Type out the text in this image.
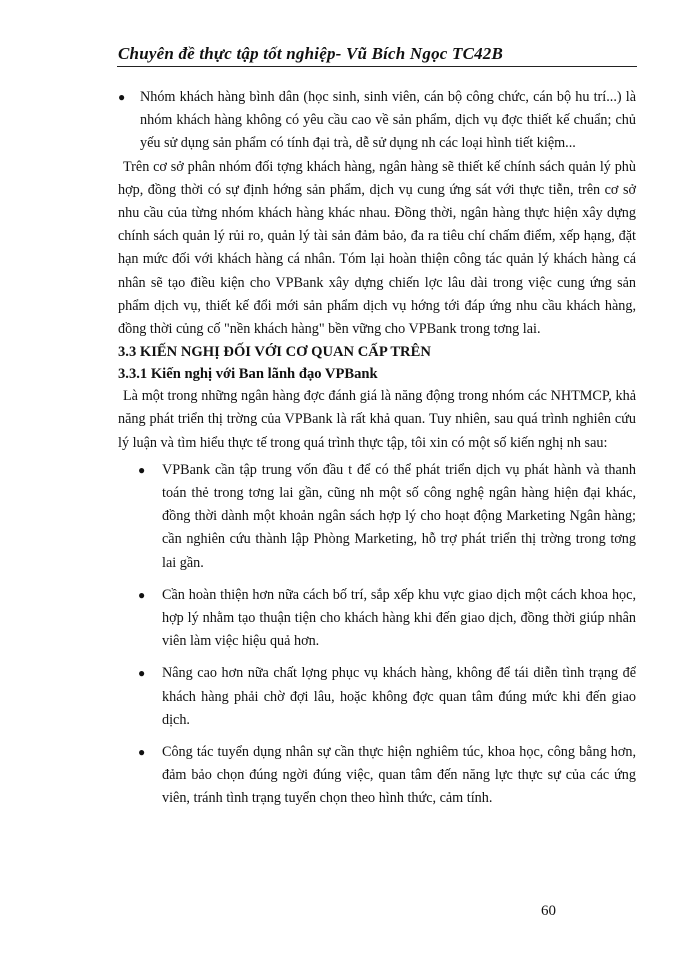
Chuyên đề thực tập tốt nghiệp- Vũ Bích Ngọc TC42B

● Nhóm khách hàng bình dân (học sinh, sinh viên, cán bộ công chức, cán bộ hu trí...) là nhóm khách hàng không có yêu cầu cao về sản phẩm, dịch vụ đợc thiết kế chuẩn; chủ yếu sử dụng sản phẩm có tính đại trà, dễ sử dụng nh các loại hình tiết kiệm...

Trên cơ sở phân nhóm đối tợng khách hàng, ngân hàng sẽ thiết kế chính sách quản lý phù hợp, đồng thời có sự định hớng sản phẩm, dịch vụ cung ứng sát với thực tiễn, trên cơ sở nhu cầu của từng nhóm khách hàng khác nhau. Đồng thời, ngân hàng thực hiện xây dựng chính sách quản lý rủi ro, quản lý tài sản đảm bảo, đa ra tiêu chí chấm điểm, xếp hạng, đặt hạn mức đối với khách hàng cá nhân. Tóm lại hoàn thiện công tác quản lý khách hàng cá nhân sẽ tạo điều kiện cho VPBank xây dựng chiến lợc lâu dài trong việc cung ứng sản phẩm dịch vụ, thiết kế đổi mới sản phẩm dịch vụ hớng tới đáp ứng nhu cầu khách hàng, đồng thời củng cố "nền khách hàng" bền vững cho VPBank trong tơng lai.

3.3 KIẾN NGHỊ ĐỐI VỚI CƠ QUAN CẤP TRÊN

3.3.1 Kiến nghị với Ban lãnh đạo VPBank

Là một trong những ngân hàng đợc đánh giá là năng động trong nhóm các NHTMCP, khả năng phát triển thị trờng của VPBank là rất khả quan. Tuy nhiên, sau quá trình nghiên cứu lý luận và tìm hiểu thực tế trong quá trình thực tập, tôi xin có một số kiến nghị nh sau:

● VPBank cần tập trung vốn đầu t để có thể phát triển dịch vụ phát hành và thanh toán thẻ trong tơng lai gần, cũng nh một số công nghệ ngân hàng hiện đại khác, đồng thời dành một khoản ngân sách hợp lý cho hoạt động Marketing Ngân hàng; cần nghiên cứu thành lập Phòng Marketing, hỗ trợ phát triển thị trờng trong tơng lai gần.

● Cần hoàn thiện hơn nữa cách bố trí, sắp xếp khu vực giao dịch một cách khoa học, hợp lý nhằm tạo thuận tiện cho khách hàng khi đến giao dịch, đồng thời giúp nhân viên làm việc hiệu quả hơn.

● Nâng cao hơn nữa chất lợng phục vụ khách hàng, không để tái diễn tình trạng để khách hàng phải chờ đợi lâu, hoặc không đợc quan tâm đúng mức khi đến giao dịch.

● Công tác tuyển dụng nhân sự cần thực hiện nghiêm túc, khoa học, công bằng hơn, đảm bảo chọn đúng ngời đúng việc, quan tâm đến năng lực thực sự của các ứng viên, tránh tình trạng tuyển chọn theo hình thức, cảm tính.

60
